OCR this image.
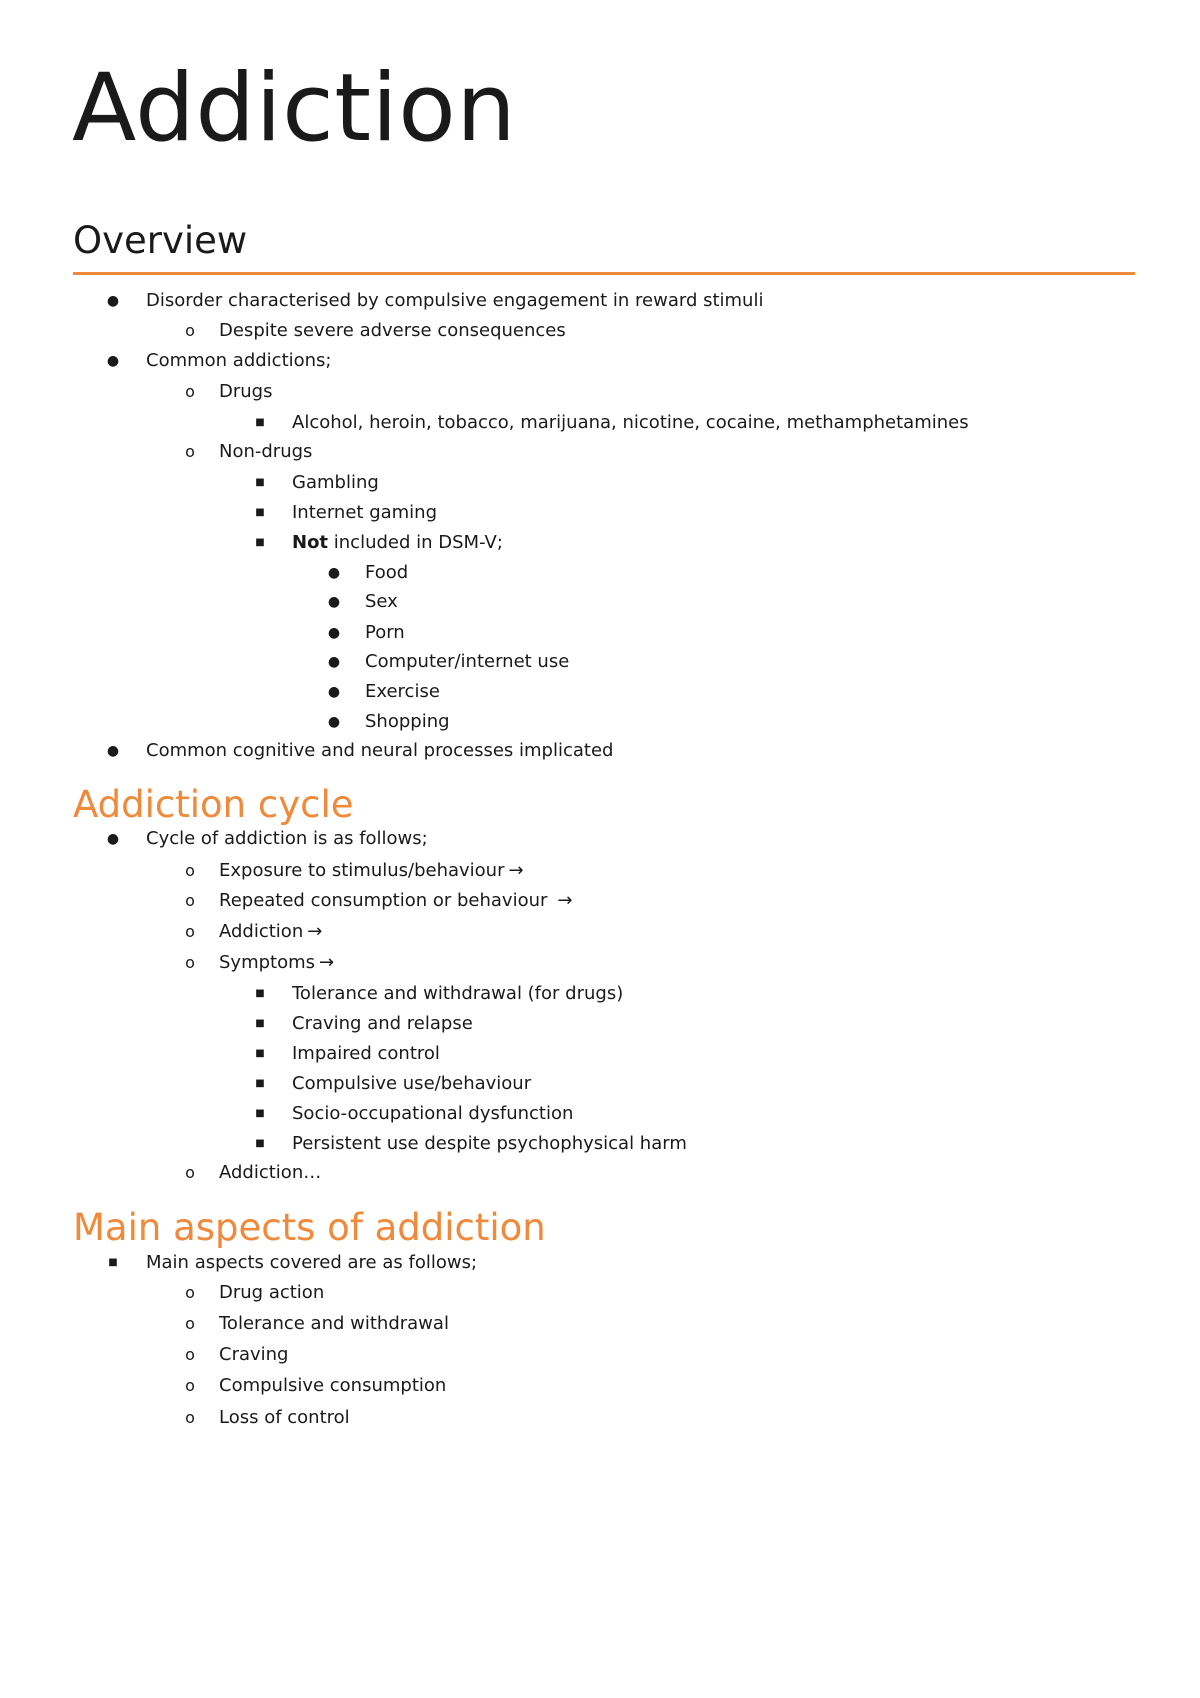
Addiction
Overview
● Disorder characterised by compulsive engagement in reward stimuli
o Despite severe adverse consequences
● Common addictions;
o Drugs
■ Alcohol, heroin, tobacco, marijuana, nicotine, cocaine, methamphetamines
o Non-drugs
■ Gambling
■ Internet gaming
■ Not included in DSM-V;
● Food
● Sex
● Porn
● Computer/internet use
● Exercise
● Shopping
● Common cognitive and neural processes implicated
Addiction cycle
● Cycle of addiction is as follows;
o Exposure to stimulus/behaviour →
o Repeated consumption or behaviour →
o Addiction →
o Symptoms →
■ Tolerance and withdrawal (for drugs)
■ Craving and relapse
■ Impaired control
■ Compulsive use/behaviour
■ Socio-occupational dysfunction
■ Persistent use despite psychophysical harm
o Addiction…
Main aspects of addiction
■ Main aspects covered are as follows;
o Drug action
o Tolerance and withdrawal
o Craving
o Compulsive consumption
o Loss of control
